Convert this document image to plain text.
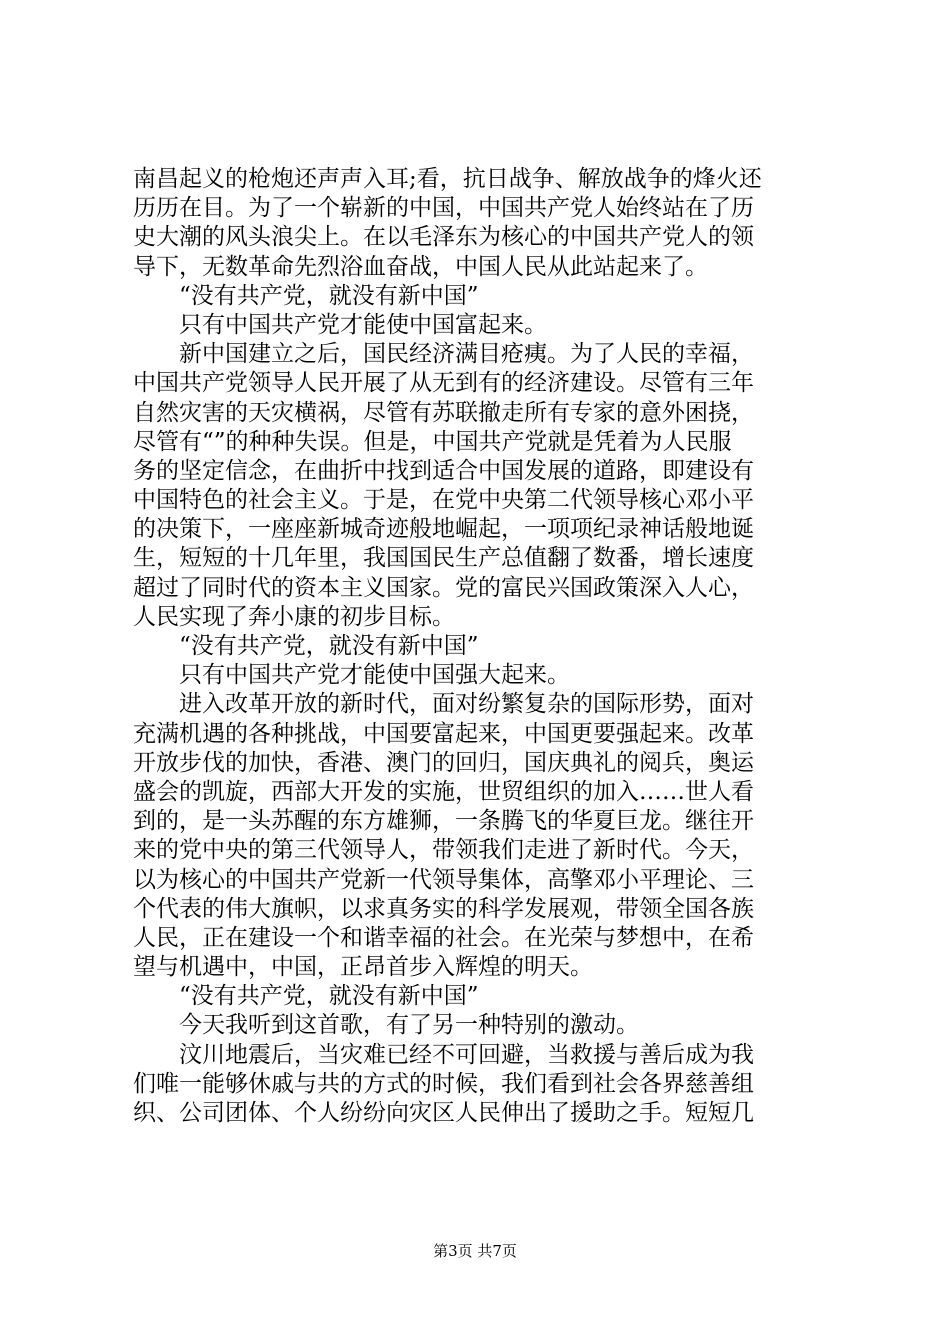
南昌起义的枪炮还声声入耳;看，抗日战争、解放战争的烽火还
历历在目。为了一个崭新的中国，中国共产党人始终站在了历
史大潮的风头浪尖上。在以毛泽东为核心的中国共产党人的领
导下，无数革命先烈浴血奋战，中国人民从此站起来了。
“没有共产党，就没有新中国”
只有中国共产党才能使中国富起来。
新中国建立之后，国民经济满目疮痍。为了人民的幸福，
中国共产党领导人民开展了从无到有的经济建设。尽管有三年
自然灾害的天灾横祸，尽管有苏联撤走所有专家的意外困挠，
尽管有“”的种种失误。但是，中国共产党就是凭着为人民服
务的坚定信念，在曲折中找到适合中国发展的道路，即建设有
中国特色的社会主义。于是，在党中央第二代领导核心邓小平
的决策下，一座座新城奇迹般地崛起，一项项纪录神话般地诞
生，短短的十几年里，我国国民生产总值翻了数番，增长速度
超过了同时代的资本主义国家。党的富民兴国政策深入人心，
人民实现了奔小康的初步目标。
“没有共产党，就没有新中国”
只有中国共产党才能使中国强大起来。
进入改革开放的新时代，面对纷繁复杂的国际形势，面对
充满机遇的各种挑战，中国要富起来，中国更要强起来。改革
开放步伐的加快，香港、澳门的回归，国庆典礼的阅兵，奥运
盛会的凯旋，西部大开发的实施，世贸组织的加入……世人看
到的，是一头苏醒的东方雄狮，一条腾飞的华夏巨龙。继往开
来的党中央的第三代领导人，带领我们走进了新时代。今天，
以为核心的中国共产党新一代领导集体，高擎邓小平理论、三
个代表的伟大旗帜，以求真务实的科学发展观，带领全国各族
人民，正在建设一个和谐幸福的社会。在光荣与梦想中，在希
望与机遇中，中国，正昂首步入辉煌的明天。
“没有共产党，就没有新中国”
今天我听到这首歌，有了另一种特别的激动。
汶川地震后，当灾难已经不可回避，当救援与善后成为我
们唯一能够休戚与共的方式的时候，我们看到社会各界慈善组
织、公司团体、个人纷纷向灾区人民伸出了援助之手。短短几
第3页 共7页
